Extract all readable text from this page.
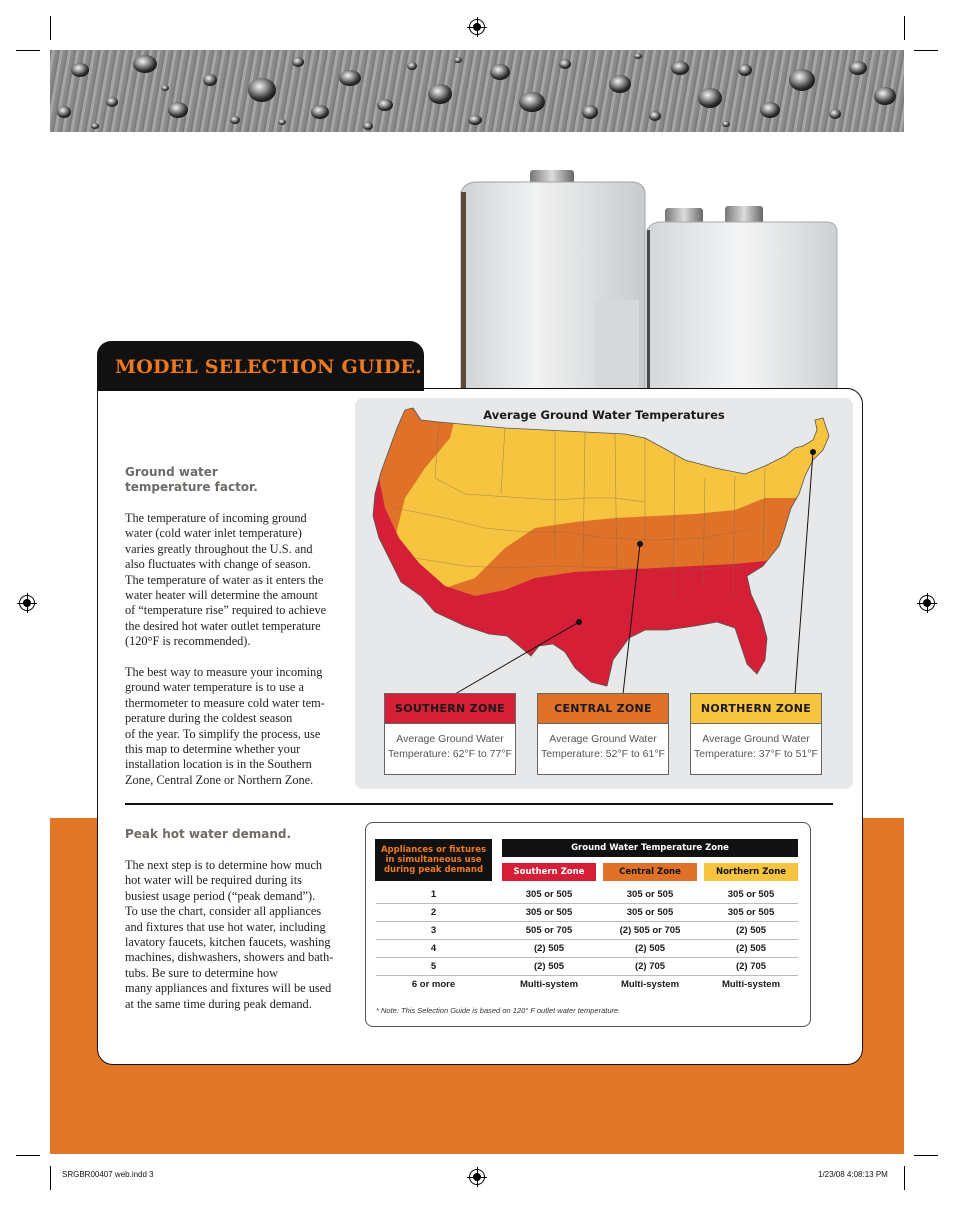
MODEL SELECTION GUIDE.
Ground water
temperature factor.

The temperature of incoming ground
water (cold water inlet temperature)
varies greatly throughout the U.S. and
also fluctuates with change of season.
The temperature of water as it enters the
water heater will determine the amount
of “temperature rise” required to achieve
the desired hot water outlet temperature
(120°F is recommended).

The best way to measure your incoming
ground water temperature is to use a
thermometer to measure cold water tem-
perature during the coldest season
of the year. To simplify the process, use
this map to determine whether your
installation location is in the Southern
Zone, Central Zone or Northern Zone.

Average Ground Water Temperatures
SOUTHERN ZONE
Average Ground Water
Temperature: 62°F to 77°F
CENTRAL ZONE
Average Ground Water
Temperature: 52°F to 61°F
NORTHERN ZONE
Average Ground Water
Temperature: 37°F to 51°F
Peak hot water demand.
The next step is to determine how much
hot water will be required during its
busiest usage period (“peak demand”).
To use the chart, consider all appliances
and fixtures that use hot water, including
lavatory faucets, kitchen faucets, washing
machines, dishwashers, showers and bath-
tubs. Be sure to determine how
many appliances and fixtures will be used
at the same time during peak demand.
Appliances or fixtures
in simultaneous use
during peak demand
Ground Water Temperature Zone
Southern Zone	Central Zone	Northern Zone
1	305 or 505	305 or 505	305 or 505
2	305 or 505	305 or 505	305 or 505
3	505 or 705	(2) 505 or 705	(2) 505
4	(2) 505	(2) 505	(2) 505
5	(2) 505	(2) 705	(2) 705
6 or more	Multi-system	Multi-system	Multi-system
* Note: This Selection Guide is based on 120° F outlet water temperature.
SRGBR00407 web.indd 3	1/23/08 4:08:13 PM
